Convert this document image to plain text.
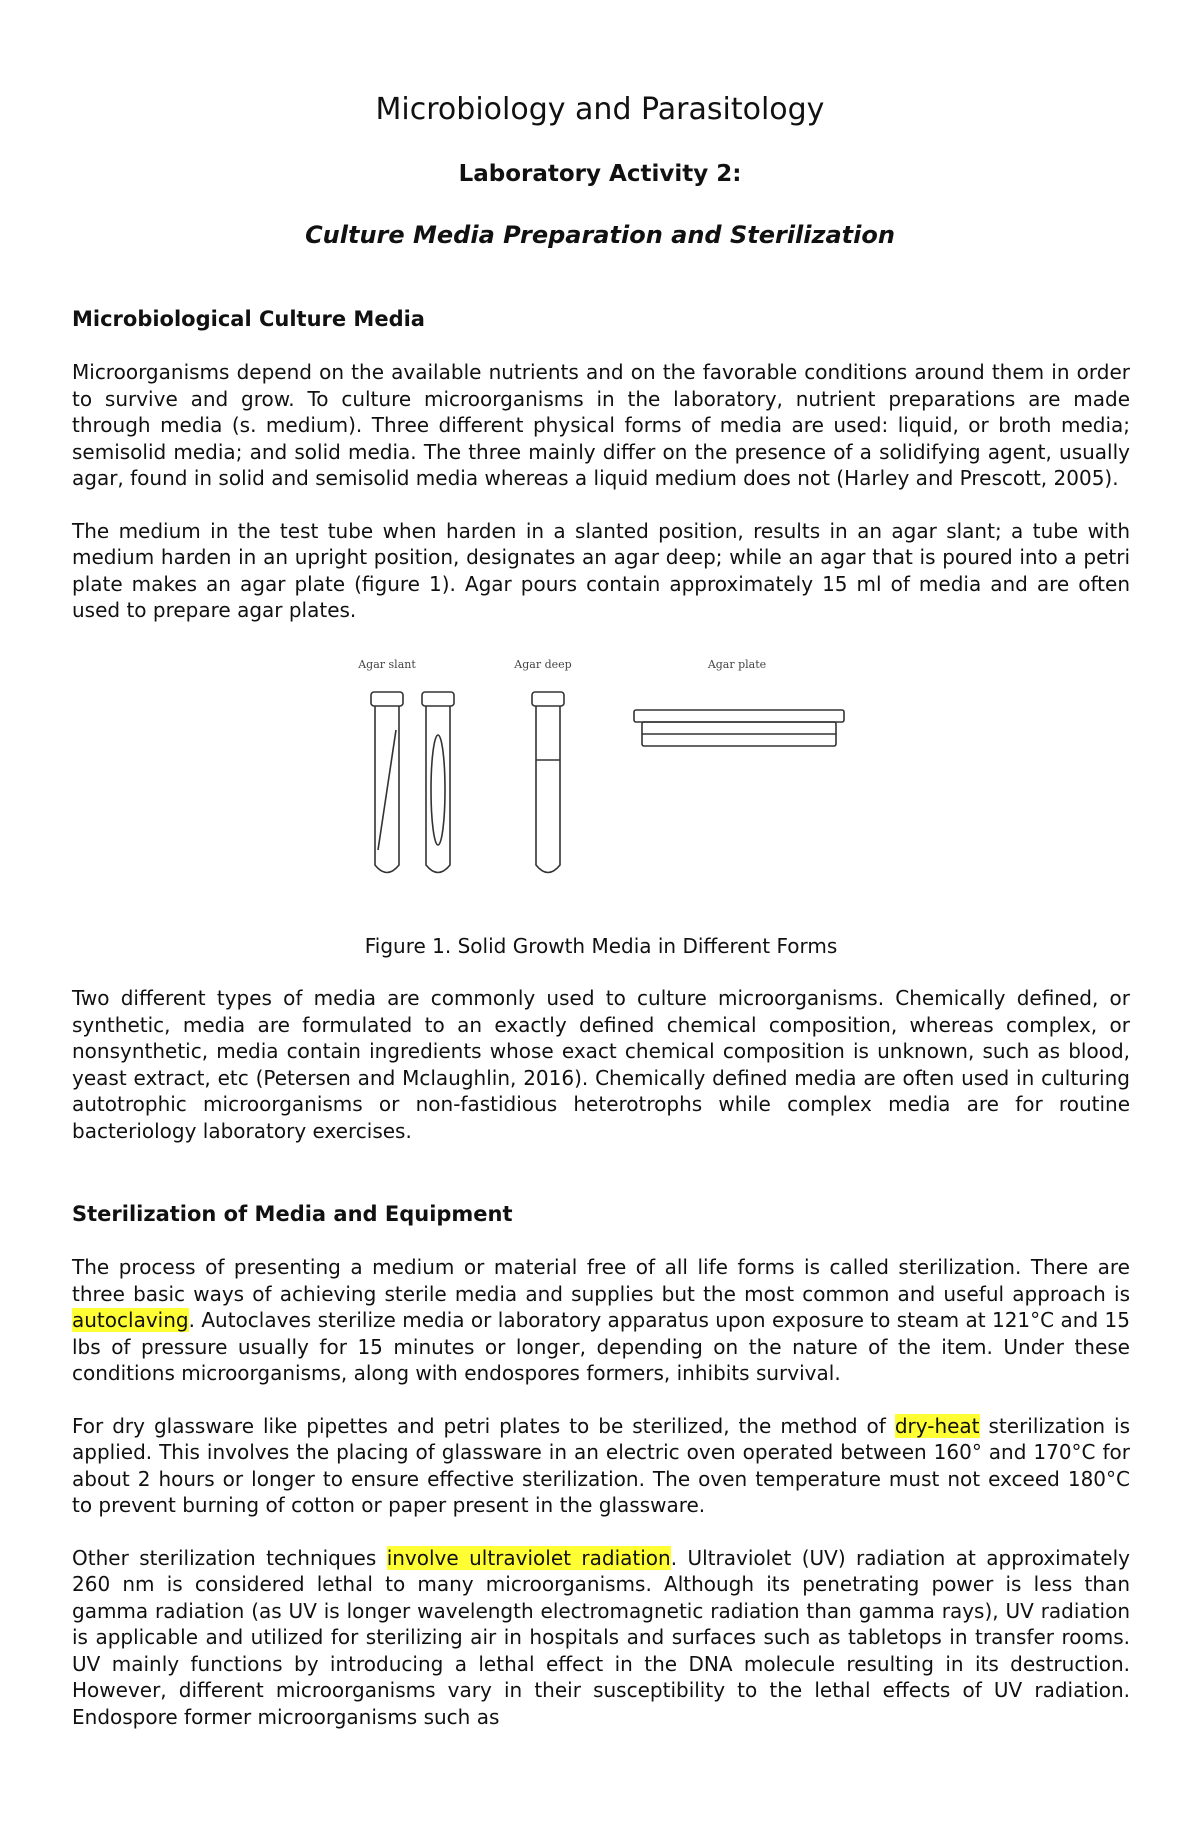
Microbiology and Parasitology
Laboratory Activity 2:
Culture Media Preparation and Sterilization
Microbiological Culture Media

Microorganisms depend on the available nutrients and on the favorable conditions around them in order to survive and grow. To culture microorganisms in the laboratory, nutrient preparations are made through media (s. medium). Three different physical forms of media are used: liquid, or broth media; semisolid media; and solid media. The three mainly differ on the presence of a solidifying agent, usually agar, found in solid and semisolid media whereas a liquid medium does not (Harley and Prescott, 2005).

The medium in the test tube when harden in a slanted position, results in an agar slant; a tube with medium harden in an upright position, designates an agar deep; while an agar that is poured into a petri plate makes an agar plate (figure 1). Agar pours contain approximately 15 ml of media and are often used to prepare agar plates.

Agar slant	Agar deep	Agar plate
Figure 1. Solid Growth Media in Different Forms

Two different types of media are commonly used to culture microorganisms. Chemically defined, or synthetic, media are formulated to an exactly defined chemical composition, whereas complex, or nonsynthetic, media contain ingredients whose exact chemical composition is unknown, such as blood, yeast extract, etc (Petersen and Mclaughlin, 2016). Chemically defined media are often used in culturing autotrophic microorganisms or non-fastidious heterotrophs while complex media are for routine bacteriology laboratory exercises.

Sterilization of Media and Equipment

The process of presenting a medium or material free of all life forms is called sterilization. There are three basic ways of achieving sterile media and supplies but the most common and useful approach is autoclaving. Autoclaves sterilize media or laboratory apparatus upon exposure to steam at 121°C and 15 lbs of pressure usually for 15 minutes or longer, depending on the nature of the item. Under these conditions microorganisms, along with endospores formers, inhibits survival.

For dry glassware like pipettes and petri plates to be sterilized, the method of dry-heat sterilization is applied. This involves the placing of glassware in an electric oven operated between 160° and 170°C for about 2 hours or longer to ensure effective sterilization. The oven temperature must not exceed 180°C to prevent burning of cotton or paper present in the glassware.

Other sterilization techniques involve ultraviolet radiation. Ultraviolet (UV) radiation at approximately 260 nm is considered lethal to many microorganisms. Although its penetrating power is less than gamma radiation (as UV is longer wavelength electromagnetic radiation than gamma rays), UV radiation is applicable and utilized for sterilizing air in hospitals and surfaces such as tabletops in transfer rooms. UV mainly functions by introducing a lethal effect in the DNA molecule resulting in its destruction. However, different microorganisms vary in their susceptibility to the lethal effects of UV radiation. Endospore former microorganisms such as
